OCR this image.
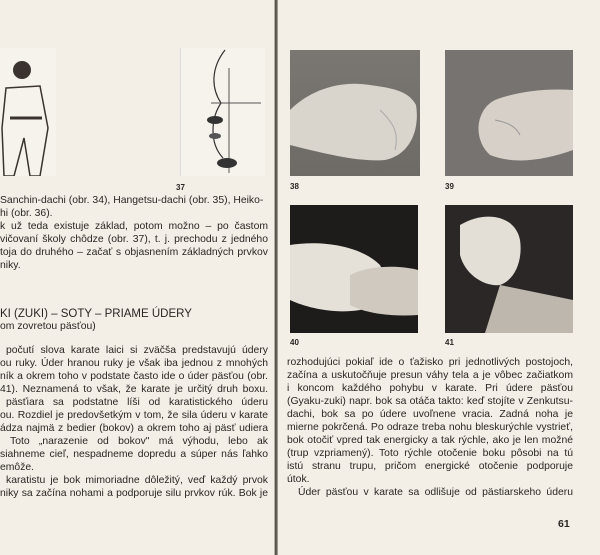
37	38	39
40	41
Sanchin-dachi (obr. 34), Hangetsu-dachi (obr. 35), Heiko-
hi (obr. 36).
k už teda existuje základ, potom možno – po častom
vičovaní školy chôdze (obr. 37), t. j. prechodu z jedného
toja do druhého – začať s objasnením základných prvkov
niky.
KI (ZUKI) – SOTY – PRIAME ÚDERY
om zovretou päsťou)
počutí slova karate laici si zväčša predstavujú údery
ou ruky. Úder hranou ruky je však iba jednou z mnohých
ník a okrem toho v podstate často ide o úder päsťou (obr.
41). Neznamená to však, že karate je určitý druh boxu.
päsťiara sa podstatne líši od karatistického úderu
ou. Rozdiel je predovšetkým v tom, že sila úderu v karate
ádza najmä z bedier (bokov) a okrem toho aj päsť udiera
Toto „narazenie od bokov" má výhodu, lebo ak
siahneme cieľ, nespadneme dopredu a súper nás ľahko
emôže.
karatistu je bok mimoriadne dôležitý, veď každý prvok
niky sa začína nohami a podporuje silu prvkov rúk. Bok je
rozhodujúci pokiaľ ide o ťažisko pri jednotlivých postojoch,
začína a uskutočňuje presun váhy tela a je vôbec začiatkom
i koncom každého pohybu v karate. Pri údere päsťou
(Gyaku-zuki) napr. bok sa otáča takto: keď stojíte v Zenkutsu-
dachi, bok sa po údere uvoľnene vracia. Zadná noha je
mierne pokrčená. Po odraze treba nohu bleskurýchle vystrieť,
bok otočiť vpred tak energicky a tak rýchle, ako je len možné
(trup vzpriamený). Toto rýchle otočenie boku pôsobi na tú
istú stranu trupu, pričom energické otočenie podporuje
útok.
Úder päsťou v karate sa odlišuje od pästiarskeho úderu
61
